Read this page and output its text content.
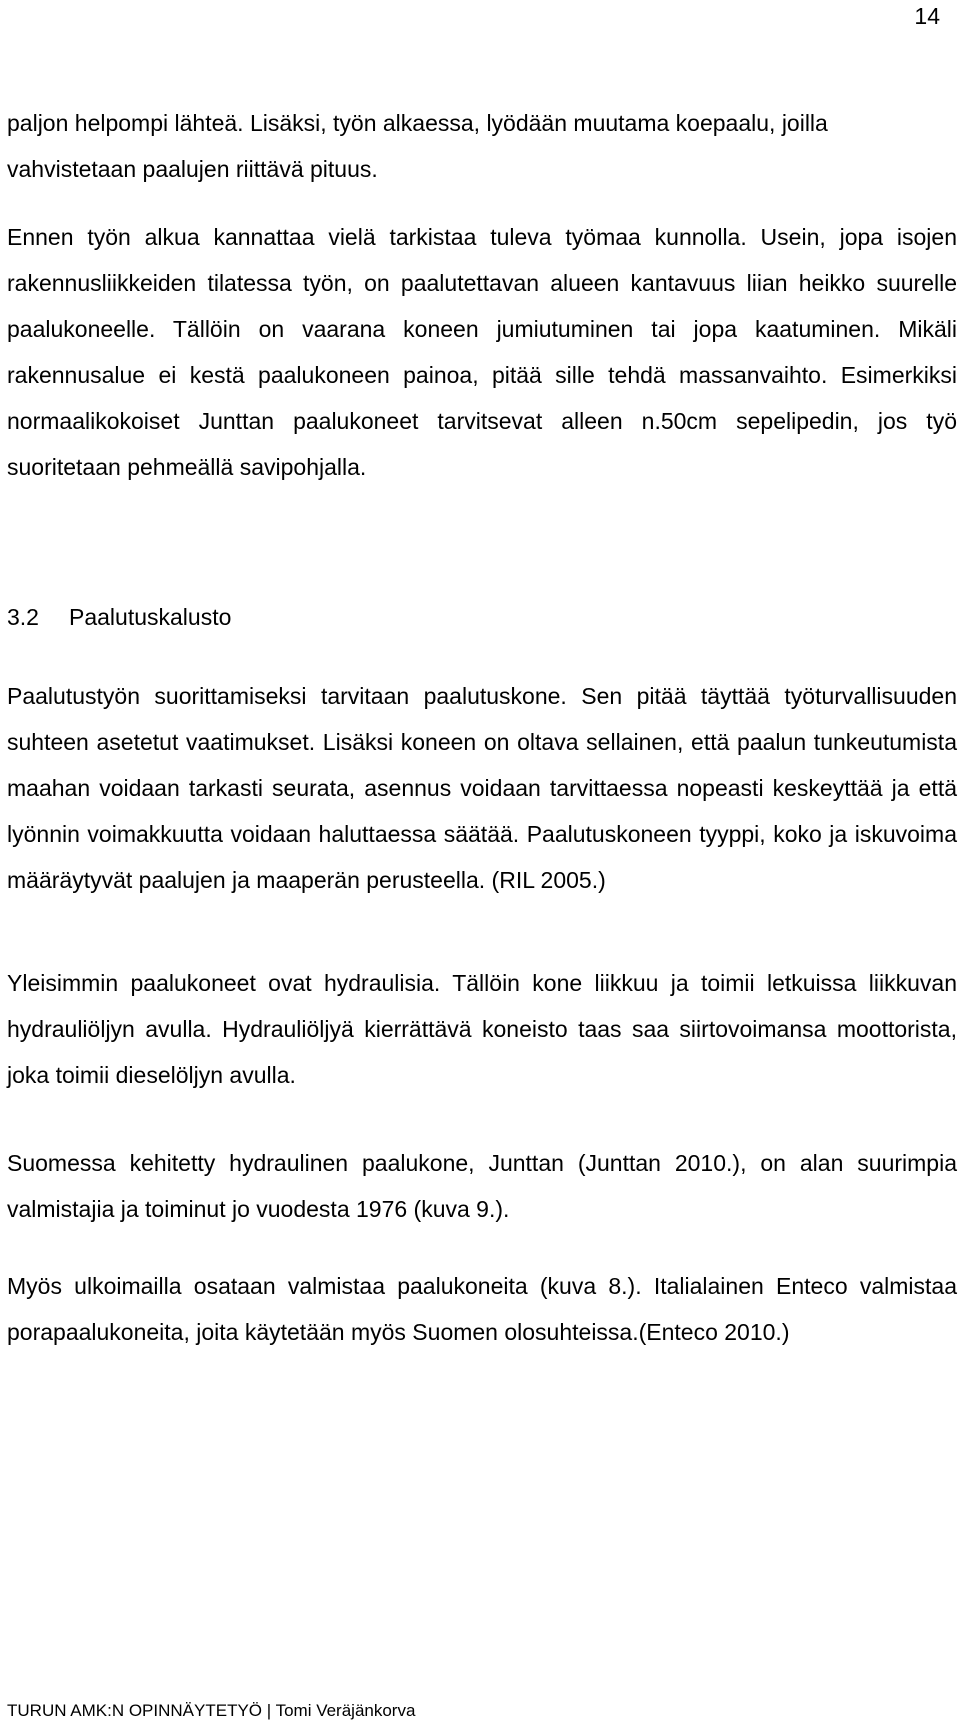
14

paljon helpompi lähteä. Lisäksi, työn alkaessa, lyödään muutama koepaalu, joilla vahvistetaan paalujen riittävä pituus.

Ennen työn alkua kannattaa vielä tarkistaa tuleva työmaa kunnolla. Usein, jopa isojen rakennusliikkeiden tilatessa työn, on paalutettavan alueen kantavuus liian heikko suurelle paalukoneelle. Tällöin on vaarana koneen jumiutuminen tai jopa kaatuminen. Mikäli rakennusalue ei kestä paalukoneen painoa, pitää sille tehdä massanvaihto. Esimerkiksi normaalikokoiset Junttan paalukoneet tarvitsevat alleen n.50cm sepelipedin, jos työ suoritetaan pehmeällä savipohjalla.

3.2 Paalutuskalusto

Paalutustyön suorittamiseksi tarvitaan paalutuskone. Sen pitää täyttää työturvallisuuden suhteen asetetut vaatimukset. Lisäksi koneen on oltava sellainen, että paalun tunkeutumista maahan voidaan tarkasti seurata, asennus voidaan tarvittaessa nopeasti keskeyttää ja että lyönnin voimakkuutta voidaan haluttaessa säätää. Paalutuskoneen tyyppi, koko ja iskuvoima määräytyvät paalujen ja maaperän perusteella. (RIL 2005.)

Yleisimmin paalukoneet ovat hydraulisia. Tällöin kone liikkuu ja toimii letkuissa liikkuvan hydrauliöljyn avulla. Hydrauliöljyä kierrättävä koneisto taas saa siirtovoimansa moottorista, joka toimii dieselöljyn avulla.

Suomessa kehitetty hydraulinen paalukone, Junttan (Junttan 2010.), on alan suurimpia valmistajia ja toiminut jo vuodesta 1976 (kuva 9.).

Myös ulkoimailla osataan valmistaa paalukoneita (kuva 8.). Italialainen Enteco valmistaa porapaalukoneita, joita käytetään myös Suomen olosuhteissa.(Enteco 2010.)

TURUN AMK:N OPINNÄYTETYÖ | Tomi Veräjänkorva
